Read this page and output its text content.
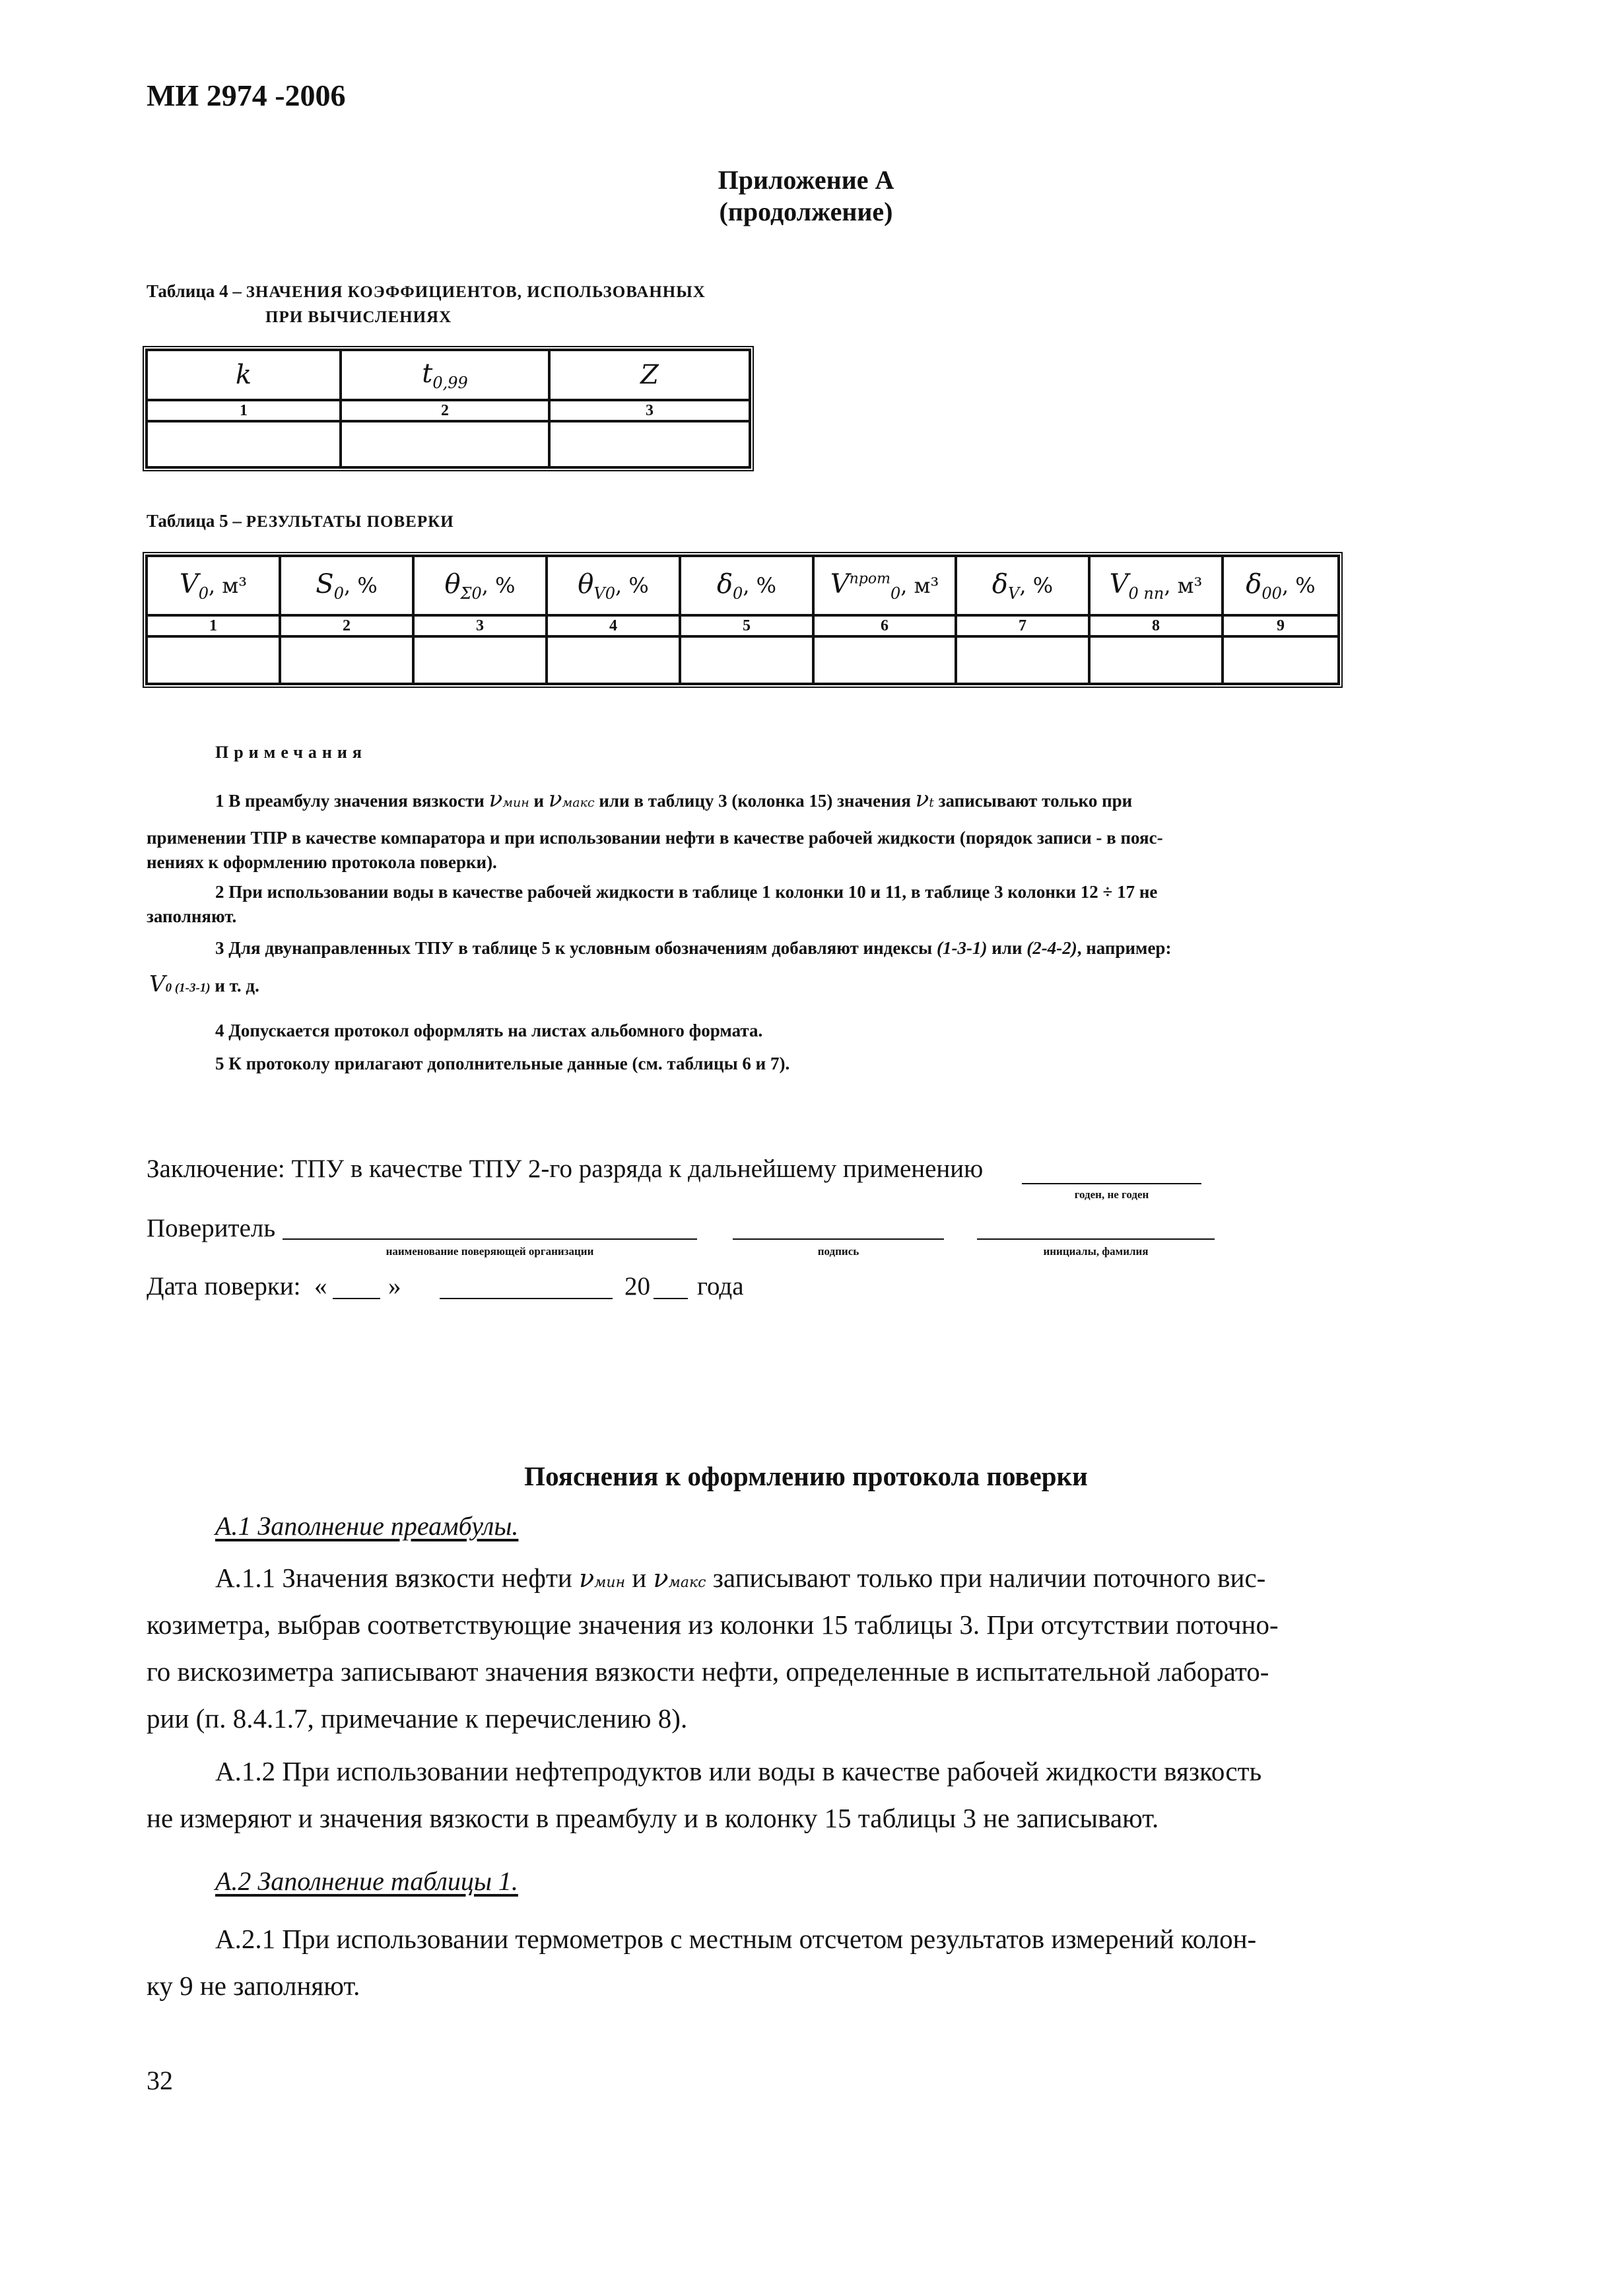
МИ 2974 -2006
Приложение А
(продолжение)
Таблица 4 – ЗНАЧЕНИЯ КОЭФФИЦИЕНТОВ, ИСПОЛЬЗОВАННЫХ
ПРИ ВЫЧИСЛЕНИЯХ
k	$t_{0,99}$	Z
1	2	3

Таблица 5 – РЕЗУЛЬТАТЫ ПОВЕРКИ
$V_0$, м³	$S_0$, %	$\theta_{\Sigma 0}$, %	$\theta_{V0}$, %	$\delta_0$, %	$V^{прот}_0$, м³	$\delta_V$, %	$V_{0 пп}$, м³	$\delta_{00}$, %
1	2	3	4	5	6	7	8	9

Примечания
1 В преамбулу значения вязкости νмин и νмакс или в таблицу 3 (колонка 15) значения νt записывают только при
применении ТПР в качестве компаратора и при использовании нефти в качестве рабочей жидкости (порядок записи - в пояс-
нениях к оформлению протокола поверки).
2 При использовании воды в качестве рабочей жидкости в таблице 1 колонки 10 и 11, в таблице 3 колонки 12 ÷ 17 не
заполняют.
3 Для двунаправленных ТПУ в таблице 5 к условным обозначениям добавляют индексы (1-3-1) или (2-4-2), например:
V0 (1-3-1) и т. д.
4 Допускается протокол оформлять на листах альбомного формата.
5 К протоколу прилагают дополнительные данные (см. таблицы 6 и 7).
Заключение: ТПУ в качестве ТПУ 2-го разряда к дальнейшему применению
годен, не годен
Поверитель
наименование поверяющей организации	подпись	инициалы, фамилия
Дата поверки: « »	20 года
Пояснения к оформлению протокола поверки
А.1 Заполнение преамбулы.
А.1.1 Значения вязкости нефти νмин и νмакс записывают только при наличии поточного вис-
козиметра, выбрав соответствующие значения из колонки 15 таблицы 3. При отсутствии поточно-
го вискозиметра записывают значения вязкости нефти, определенные в испытательной лаборато-
рии (п. 8.4.1.7, примечание к перечислению 8).
А.1.2 При использовании нефтепродуктов или воды в качестве рабочей жидкости вязкость
не измеряют и значения вязкости в преамбулу и в колонку 15 таблицы 3 не записывают.
А.2 Заполнение таблицы 1.
А.2.1 При использовании термометров с местным отсчетом результатов измерений колон-
ку 9 не заполняют.
32
